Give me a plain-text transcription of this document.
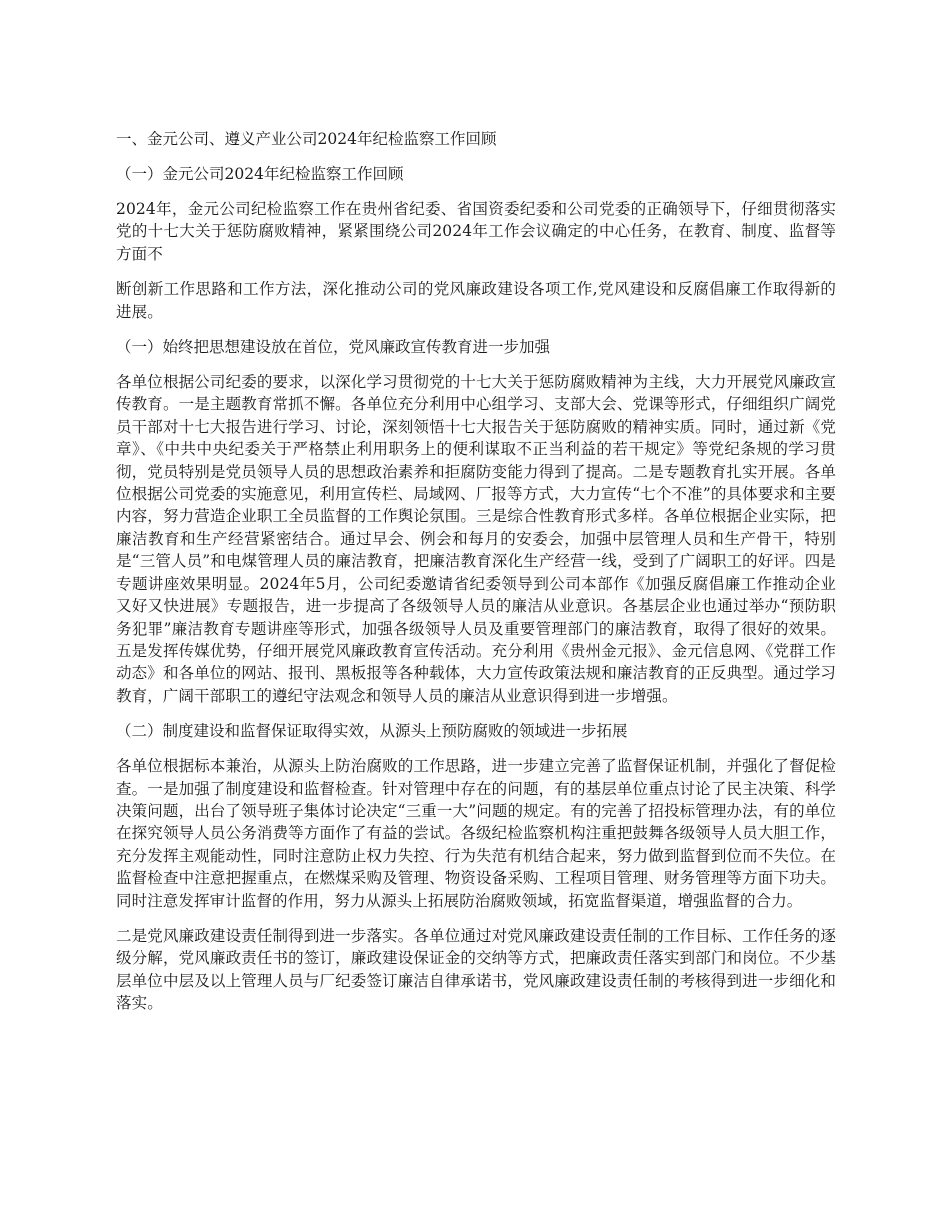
一、金元公司、遵义产业公司2024年纪检监察工作回顾
（一）金元公司2024年纪检监察工作回顾
2024年，金元公司纪检监察工作在贵州省纪委、省国资委纪委和公司党委的正确领导下，仔细贯彻落实党的十七大关于惩防腐败精神，紧紧围绕公司2024年工作会议确定的中心任务，在教育、制度、监督等方面不
断创新工作思路和工作方法，深化推动公司的党风廉政建设各项工作,党风建设和反腐倡廉工作取得新的进展。
（一）始终把思想建设放在首位，党风廉政宣传教育进一步加强
各单位根据公司纪委的要求，以深化学习贯彻党的十七大关于惩防腐败精神为主线，大力开展党风廉政宣传教育。一是主题教育常抓不懈。各单位充分利用中心组学习、支部大会、党课等形式，仔细组织广阔党员干部对十七大报告进行学习、讨论，深刻领悟十七大报告关于惩防腐败的精神实质。同时，通过新《党章》、《中共中央纪委关于严格禁止利用职务上的便利谋取不正当利益的若干规定》等党纪条规的学习贯彻，党员特别是党员领导人员的思想政治素养和拒腐防变能力得到了提高。二是专题教育扎实开展。各单位根据公司党委的实施意见，利用宣传栏、局域网、厂报等方式，大力宣传“七个不准”的具体要求和主要内容，努力营造企业职工全员监督的工作舆论氛围。三是综合性教育形式多样。各单位根据企业实际，把廉洁教育和生产经营紧密结合。通过早会、例会和每月的安委会，加强中层管理人员和生产骨干，特别是“三管人员”和电煤管理人员的廉洁教育，把廉洁教育深化生产经营一线，受到了广阔职工的好评。四是专题讲座效果明显。2024年5月，公司纪委邀请省纪委领导到公司本部作《加强反腐倡廉工作推动企业又好又快进展》专题报告，进一步提高了各级领导人员的廉洁从业意识。各基层企业也通过举办“预防职务犯罪”廉洁教育专题讲座等形式，加强各级领导人员及重要管理部门的廉洁教育，取得了很好的效果。五是发挥传媒优势，仔细开展党风廉政教育宣传活动。充分利用《贵州金元报》、金元信息网、《党群工作动态》和各单位的网站、报刊、黑板报等各种载体，大力宣传政策法规和廉洁教育的正反典型。通过学习教育，广阔干部职工的遵纪守法观念和领导人员的廉洁从业意识得到进一步增强。
（二）制度建设和监督保证取得实效，从源头上预防腐败的领域进一步拓展
各单位根据标本兼治，从源头上防治腐败的工作思路，进一步建立完善了监督保证机制，并强化了督促检查。一是加强了制度建设和监督检查。针对管理中存在的问题，有的基层单位重点讨论了民主决策、科学决策问题，出台了领导班子集体讨论决定“三重一大”问题的规定。有的完善了招投标管理办法，有的单位在探究领导人员公务消费等方面作了有益的尝试。各级纪检监察机构注重把鼓舞各级领导人员大胆工作，充分发挥主观能动性，同时注意防止权力失控、行为失范有机结合起来，努力做到监督到位而不失位。在监督检查中注意把握重点，在燃煤采购及管理、物资设备采购、工程项目管理、财务管理等方面下功夫。同时注意发挥审计监督的作用，努力从源头上拓展防治腐败领域，拓宽监督渠道，增强监督的合力。
二是党风廉政建设责任制得到进一步落实。各单位通过对党风廉政建设责任制的工作目标、工作任务的逐级分解，党风廉政责任书的签订，廉政建设保证金的交纳等方式，把廉政责任落实到部门和岗位。不少基层单位中层及以上管理人员与厂纪委签订廉洁自律承诺书，党风廉政建设责任制的考核得到进一步细化和落实。
